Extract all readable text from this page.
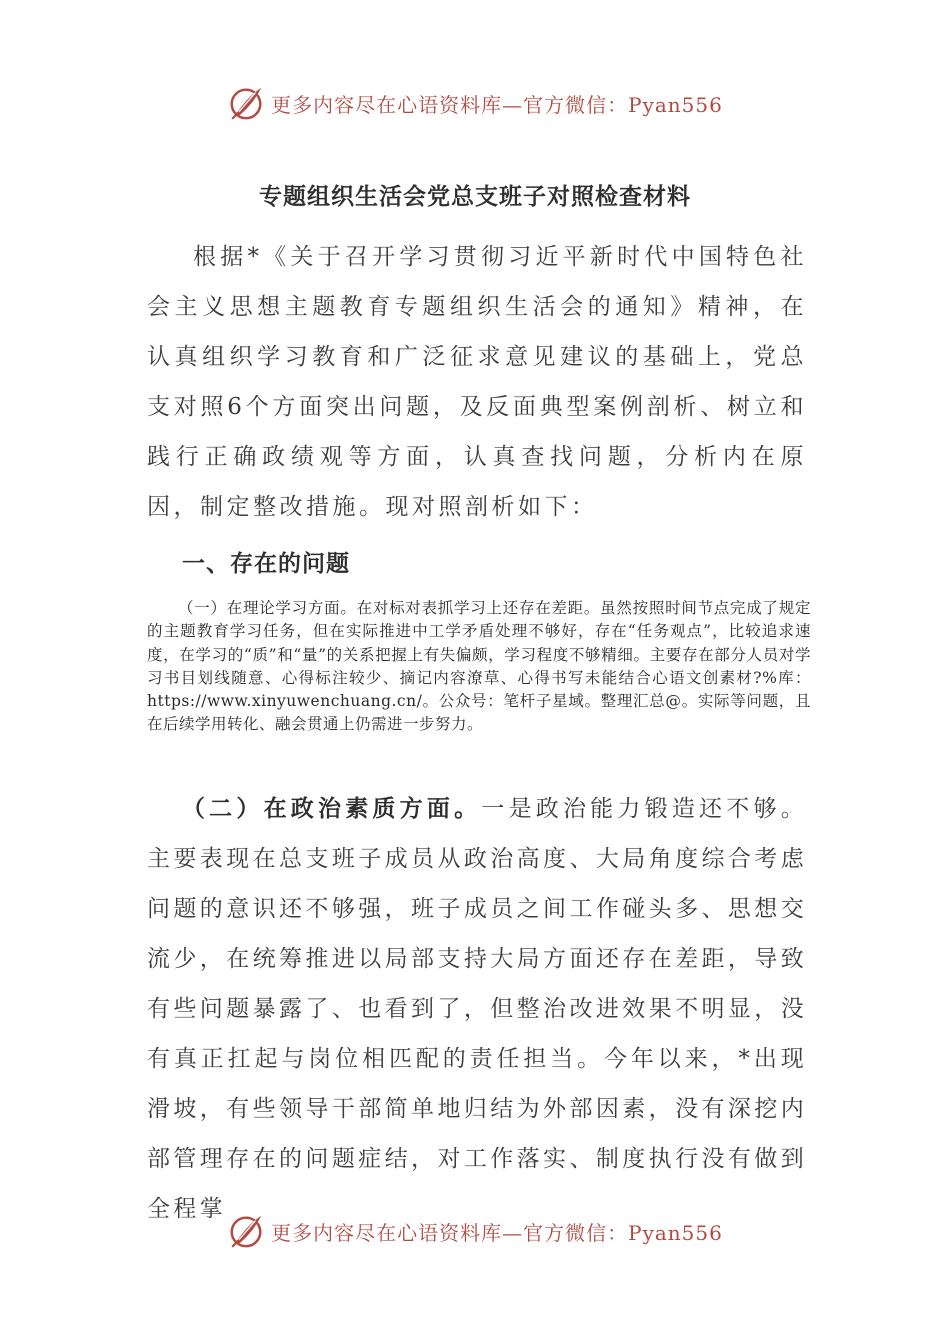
更多内容尽在心语资料库—官方微信：Pyan556
专题组织生活会党总支班子对照检查材料

根据*《关于召开学习贯彻习近平新时代中国特色社会主义思想主题教育专题组织生活会的通知》精神，在认真组织学习教育和广泛征求意见建议的基础上，党总支对照6个方面突出问题，及反面典型案例剖析、树立和践行正确政绩观等方面，认真查找问题，分析内在原因，制定整改措施。现对照剖析如下：

一、存在的问题

（一）在理论学习方面。在对标对表抓学习上还存在差距。虽然按照时间节点完成了规定的主题教育学习任务，但在实际推进中工学矛盾处理不够好，存在“任务观点”，比较追求速度，在学习的“质”和“量”的关系把握上有失偏颇，学习程度不够精细。主要存在部分人员对学习书目划线随意、心得标注较少、摘记内容潦草、心得书写未能结合心语文创素材?%库：https://www.xinyuwenchuang.cn/。公众号：笔杆子星域。整理汇总@。实际等问题，且在后续学用转化、融会贯通上仍需进一步努力。

（二）在政治素质方面。一是政治能力锻造还不够。主要表现在总支班子成员从政治高度、大局角度综合考虑问题的意识还不够强，班子成员之间工作碰头多、思想交流少，在统筹推进以局部支持大局方面还存在差距，导致有些问题暴露了、也看到了，但整治改进效果不明显，没有真正扛起与岗位相匹配的责任担当。今年以来，*出现滑坡，有些领导干部简单地归结为外部因素，没有深挖内部管理存在的问题症结，对工作落实、制度执行没有做到全程掌

更多内容尽在心语资料库—官方微信：Pyan556
